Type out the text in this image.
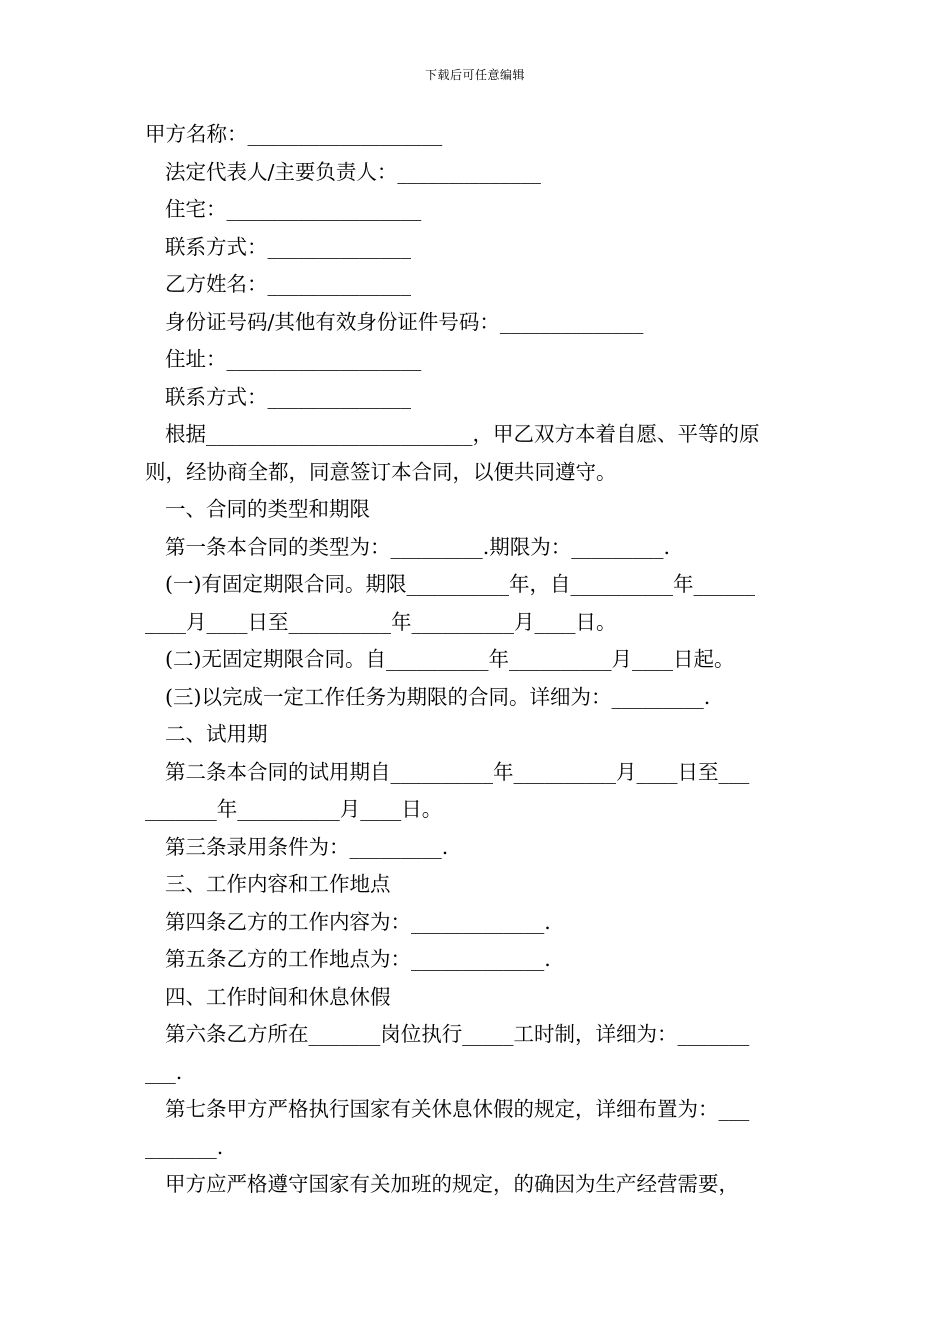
下载后可任意编辑
甲方名称：___________________
法定代表人/主要负责人：______________
住宅：___________________
联系方式：______________
乙方姓名：______________
身份证号码/其他有效身份证件号码：______________
住址：___________________
联系方式：______________
根据__________________________，甲乙双方本着自愿、平等的原
则，经协商全都，同意签订本合同，以便共同遵守。
一、合同的类型和期限
第一条本合同的类型为：_________.期限为：_________.
(一)有固定期限合同。期限__________年，自__________年______
____月____日至__________年__________月____日。
(二)无固定期限合同。自__________年__________月____日起。
(三)以完成一定工作任务为期限的合同。详细为：_________.
二、试用期
第二条本合同的试用期自__________年__________月____日至___
_______年__________月____日。
第三条录用条件为：_________.
三、工作内容和工作地点
第四条乙方的工作内容为：_____________.
第五条乙方的工作地点为：_____________.
四、工作时间和休息休假
第六条乙方所在_______岗位执行_____工时制，详细为：_______
___.
第七条甲方严格执行国家有关休息休假的规定，详细布置为：___
_______.
甲方应严格遵守国家有关加班的规定，的确因为生产经营需要，
